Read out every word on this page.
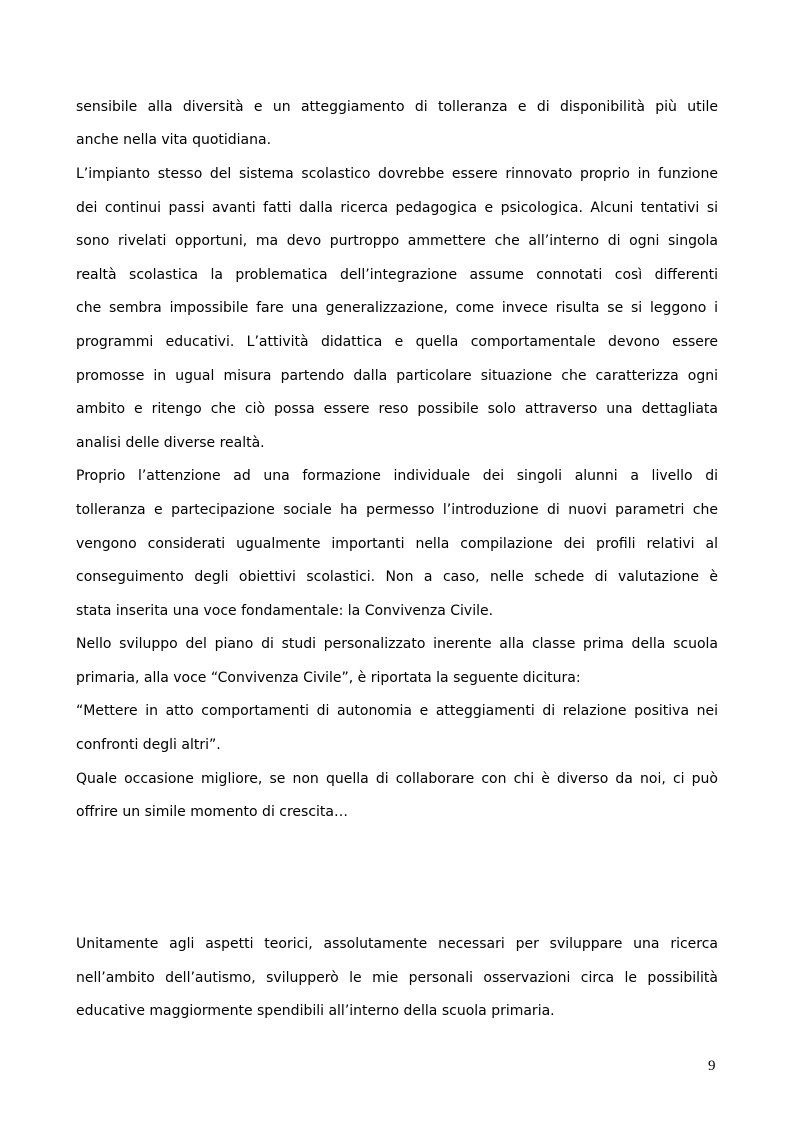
sensibile alla diversità e un atteggiamento di tolleranza e di disponibilità più utile
anche nella vita quotidiana.
L’impianto stesso del sistema scolastico dovrebbe essere rinnovato proprio in funzione
dei continui passi avanti fatti dalla ricerca pedagogica e psicologica. Alcuni tentativi si
sono rivelati opportuni, ma devo purtroppo ammettere che all’interno di ogni singola
realtà scolastica la problematica dell’integrazione assume connotati così differenti
che sembra impossibile fare una generalizzazione, come invece risulta se si leggono i
programmi educativi. L’attività didattica e quella comportamentale devono essere
promosse in ugual misura partendo dalla particolare situazione che caratterizza ogni
ambito e ritengo che ciò possa essere reso possibile solo attraverso una dettagliata
analisi delle diverse realtà.
Proprio l’attenzione ad una formazione individuale dei singoli alunni a livello di
tolleranza e partecipazione sociale ha permesso l’introduzione di nuovi parametri che
vengono considerati ugualmente importanti nella compilazione dei profili relativi al
conseguimento degli obiettivi scolastici. Non a caso, nelle schede di valutazione è
stata inserita una voce fondamentale: la Convivenza Civile.
Nello sviluppo del piano di studi personalizzato inerente alla classe prima della scuola
primaria, alla voce “Convivenza Civile”, è riportata la seguente dicitura:
“Mettere in atto comportamenti di autonomia e atteggiamenti di relazione positiva nei
confronti degli altri”.
Quale occasione migliore, se non quella di collaborare con chi è diverso da noi, ci può
offrire un simile momento di crescita…
Unitamente agli aspetti teorici, assolutamente necessari per sviluppare una ricerca
nell’ambito dell’autismo, svilupperò le mie personali osservazioni circa le possibilità
educative maggiormente spendibili all’interno della scuola primaria.
9
